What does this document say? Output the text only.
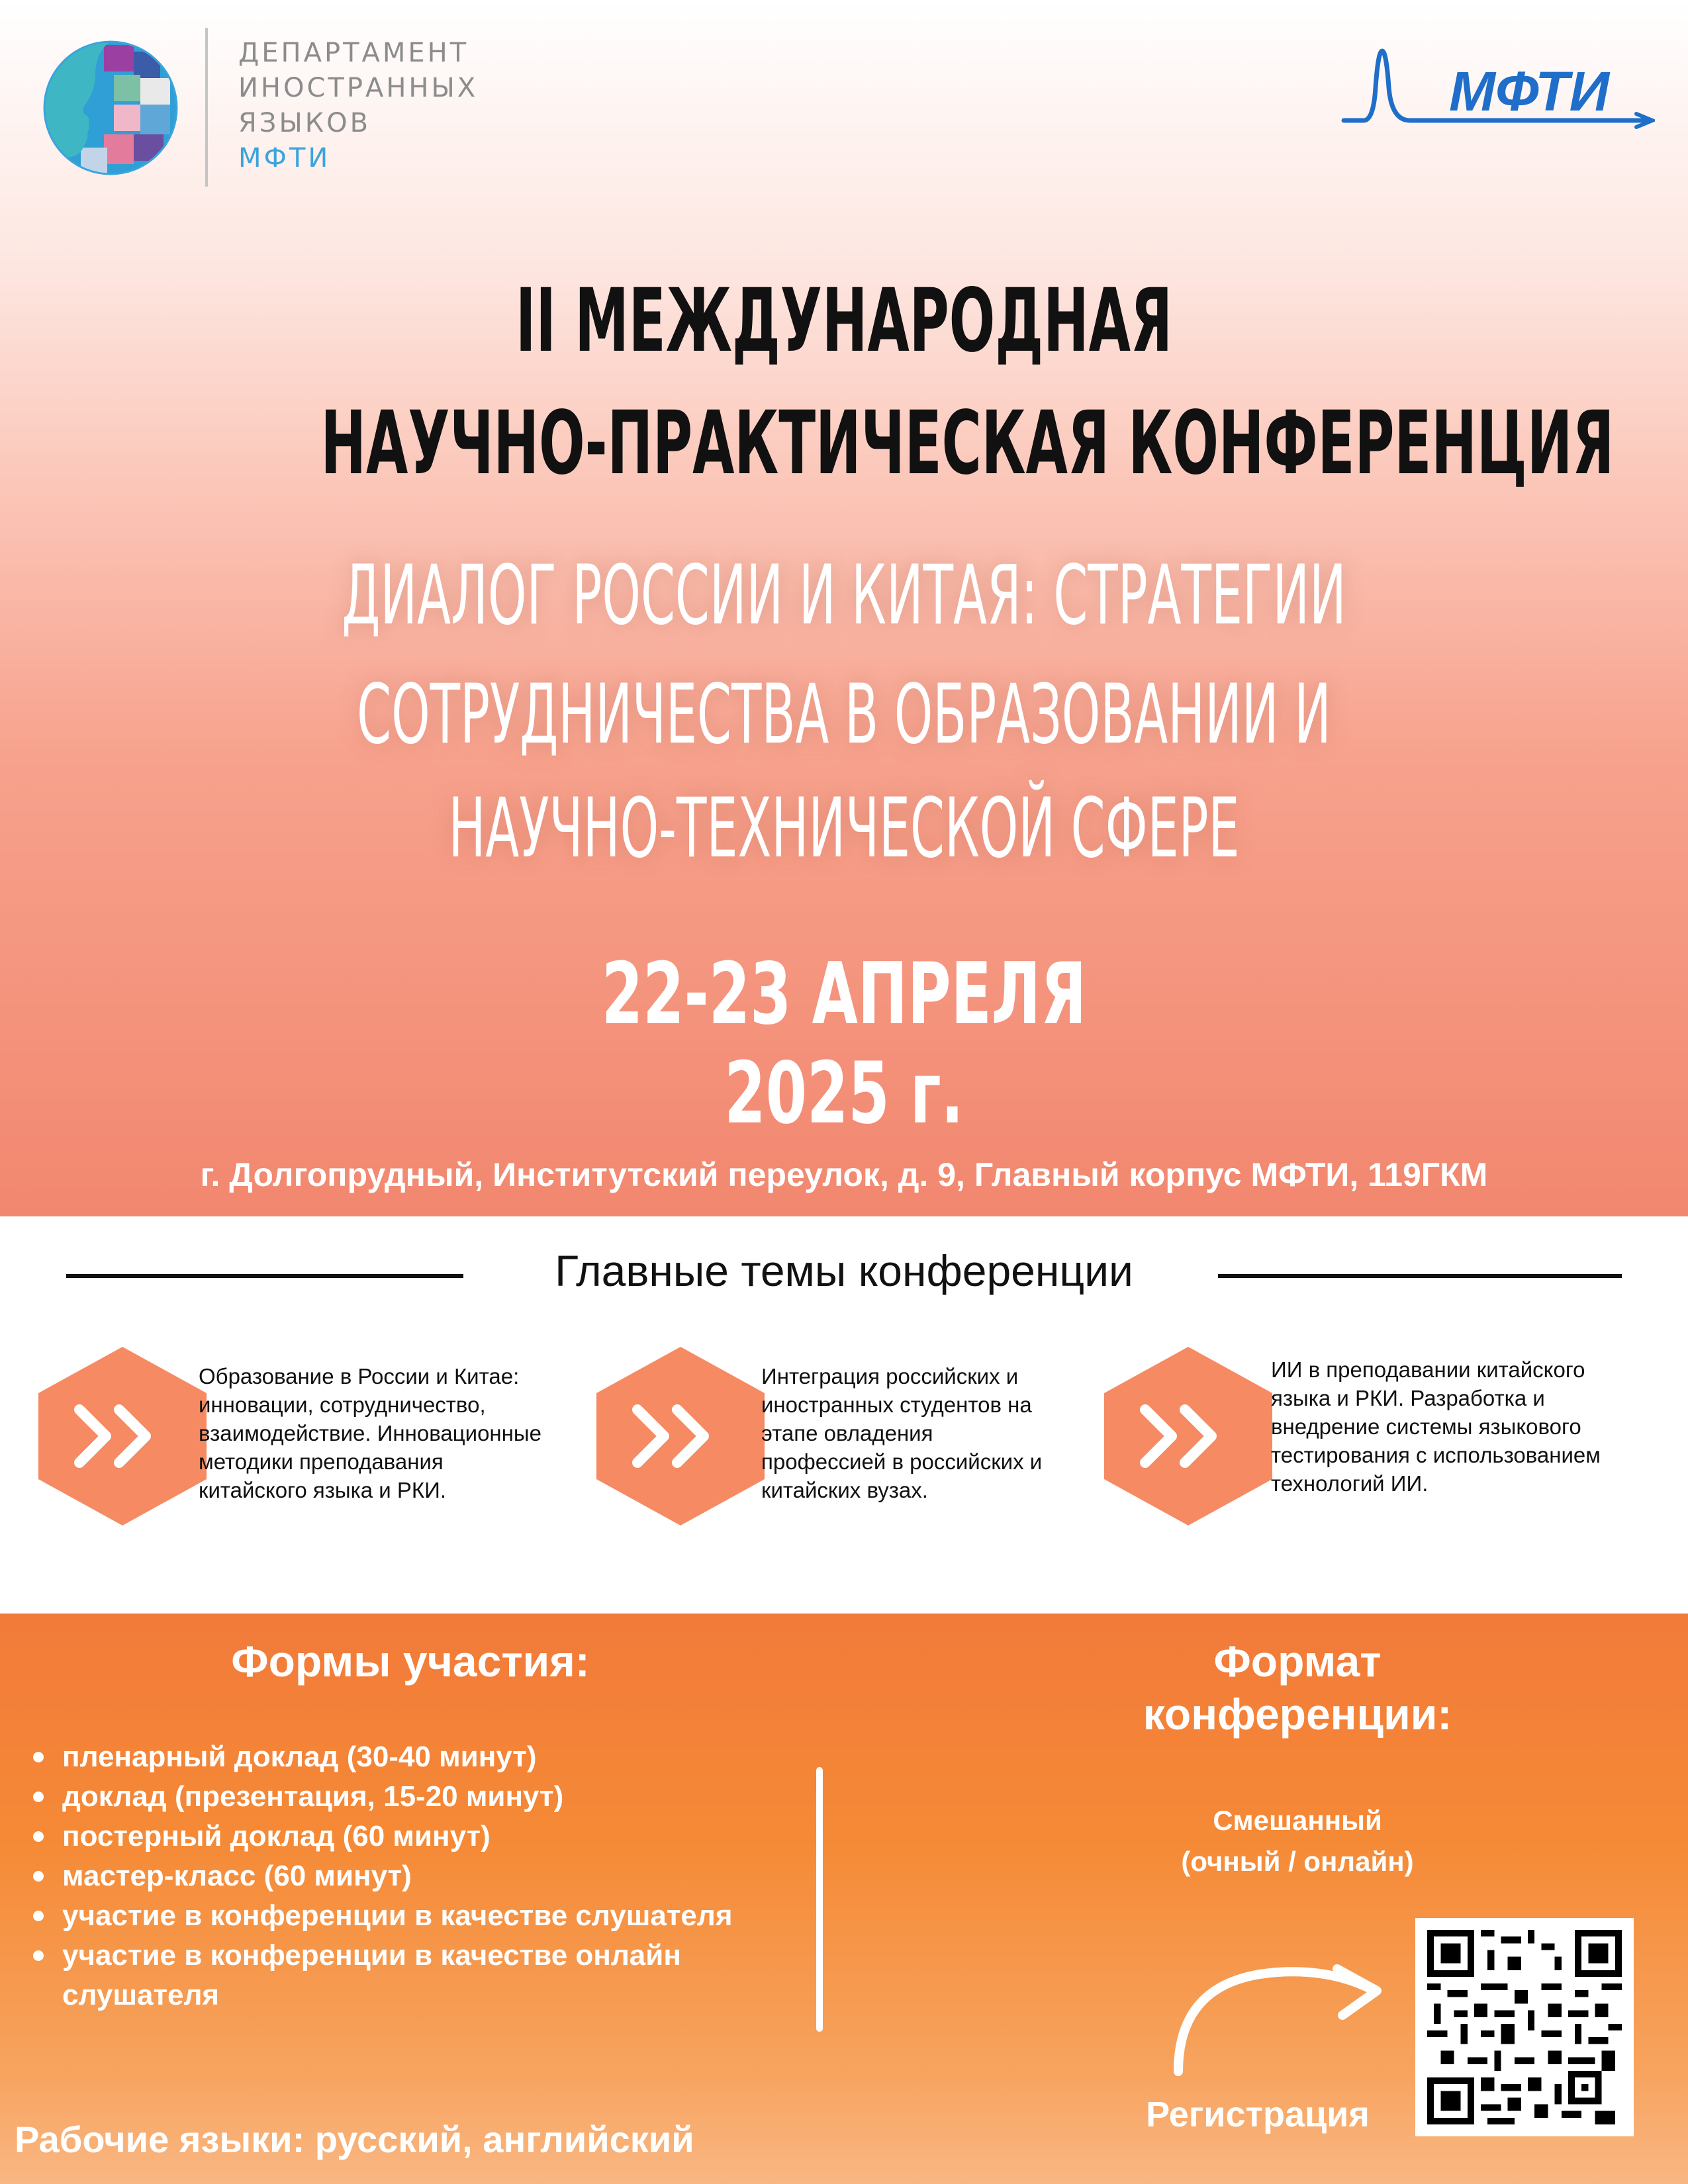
ДЕПАРТАМЕНТ
ИНОСТРАННЫХ
ЯЗЫКОВ
МФТИ
МФТИ
II МЕЖДУНАРОДНАЯ
НАУЧНО-ПРАКТИЧЕСКАЯ КОНФЕРЕНЦИЯ
ДИАЛОГ РОССИИ И КИТАЯ: СТРАТЕГИИ
СОТРУДНИЧЕСТВА В ОБРАЗОВАНИИ И
НАУЧНО-ТЕХНИЧЕСКОЙ СФЕРЕ
22-23 АПРЕЛЯ
2025 г.
г. Долгопрудный, Институтский переулок, д. 9, Главный корпус МФТИ, 119ГКМ
Главные темы конференции
Образование в России и Китае:
инновации, сотрудничество,
взаимодействие. Инновационные
методики преподавания
китайского языка и РКИ.
Интеграция российских и
иностранных студентов на
этапе овладения
профессией в российских и
китайских вузах.
ИИ в преподавании китайского
языка и РКИ. Разработка и
внедрение системы языкового
тестирования с использованием
технологий ИИ.
Формы участия:
пленарный доклад (30-40 минут)
доклад (презентация, 15-20 минут)
постерный доклад (60 минут)
мастер-класс (60 минут)
участие в конференции в качестве слушателя
участие в конференции в качестве онлайн слушателя
Формат
конференции:
Смешанный
(очный / онлайн)
Регистрация
Рабочие языки: русский, английский
